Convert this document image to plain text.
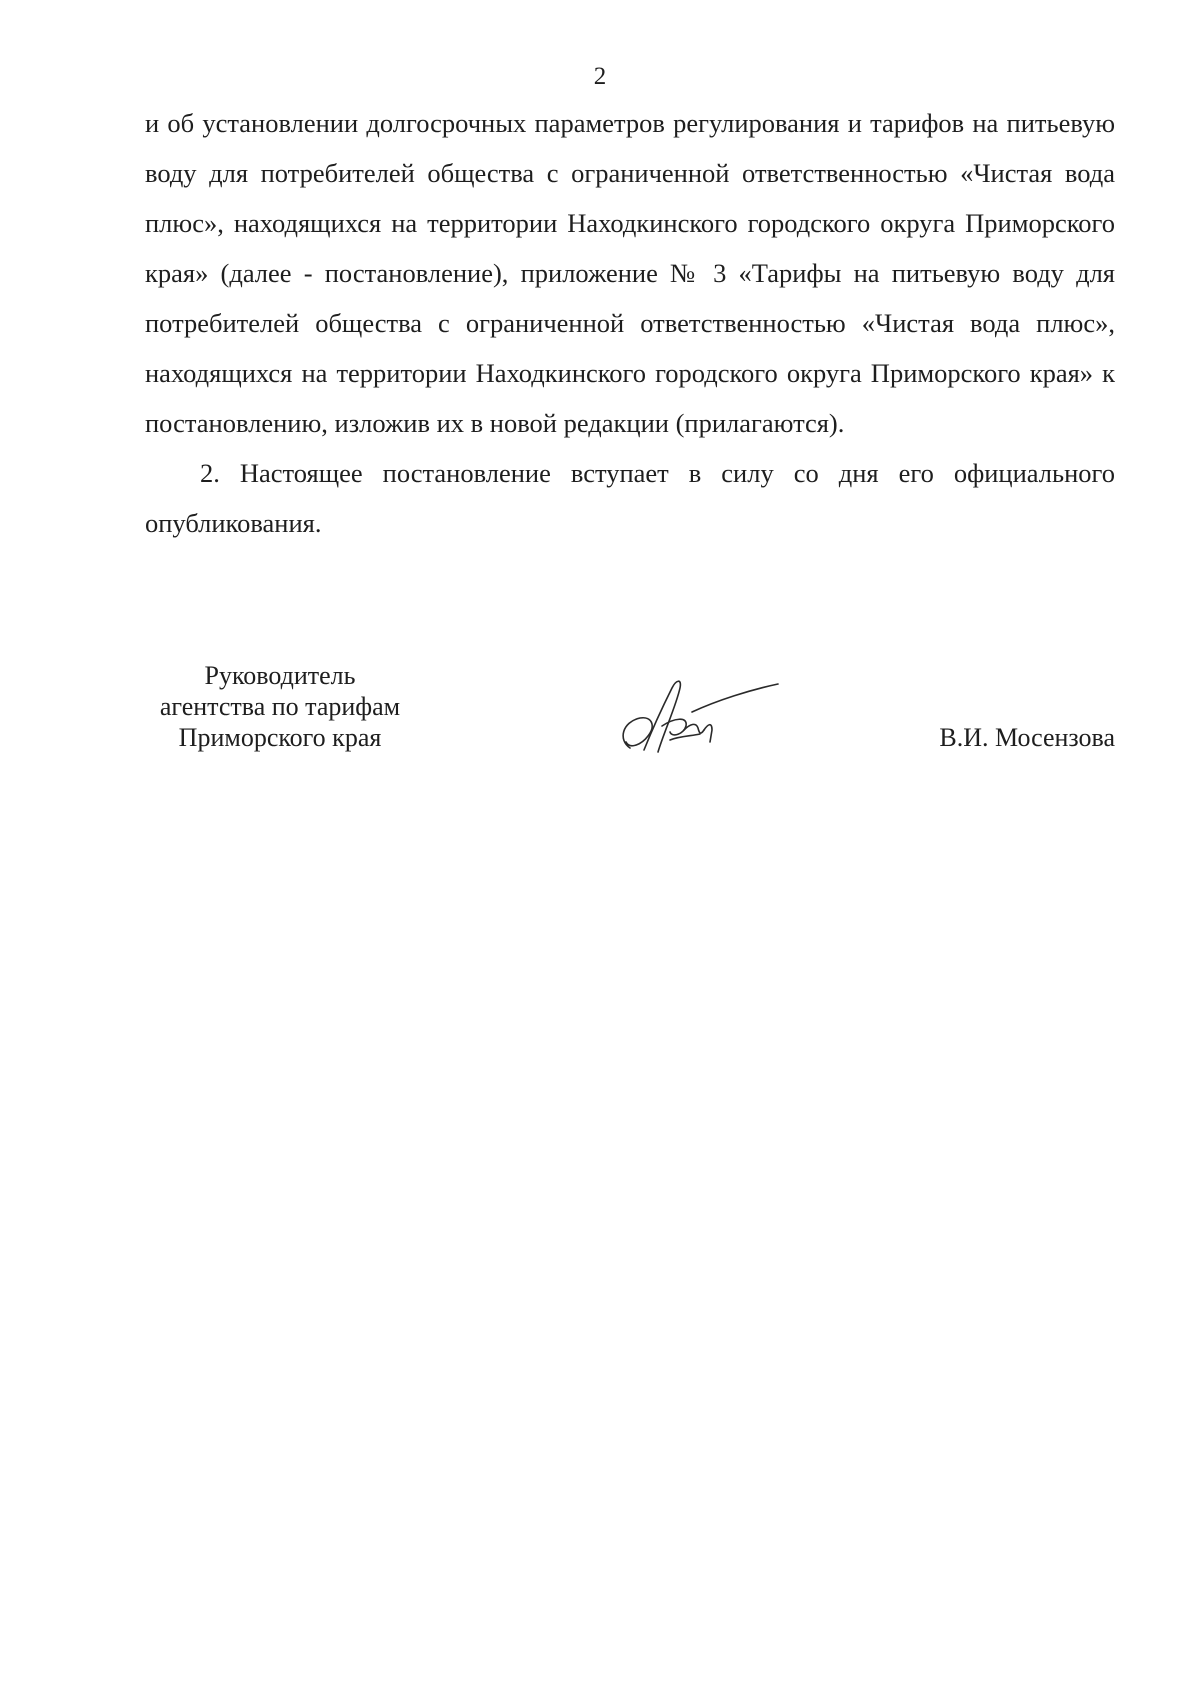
2

и об установлении долгосрочных параметров регулирования и тарифов на питьевую воду для потребителей общества с ограниченной ответственностью «Чистая вода плюс», находящихся на территории Находкинского городского округа Приморского края» (далее - постановление), приложение № 3 «Тарифы на питьевую воду для потребителей общества с ограниченной ответственностью «Чистая вода плюс», находящихся на территории Находкинского городского округа Приморского края» к постановлению, изложив их в новой редакции (прилагаются).

2. Настоящее постановление вступает в силу со дня его официального опубликования.

Руководитель
агентства по тарифам
Приморского края	В.И. Мосензова
